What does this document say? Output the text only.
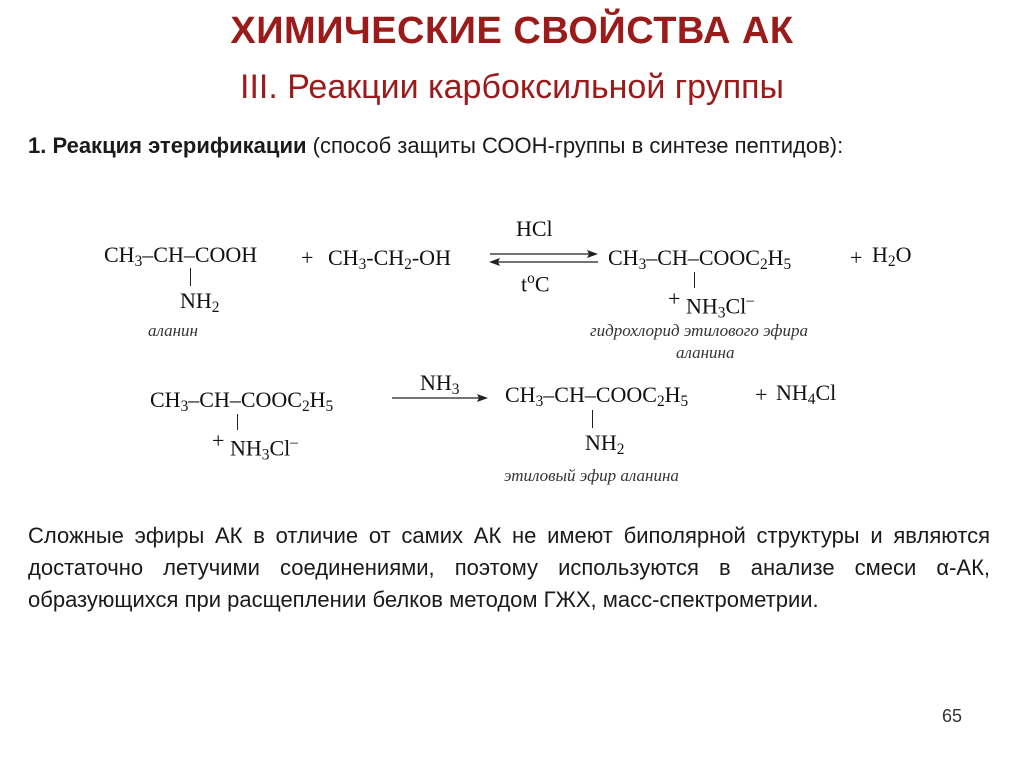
ХИМИЧЕСКИЕ СВОЙСТВА АК
III. Реакции карбоксильной группы
1. Реакция этерификации (способ защиты СООН-группы в синтезе пептидов):
$CH_3-CH$–COOH
$NH_2$
+ $CH_3-CH_2-OH$
HCl
$t^oC$
$CH_3-CH-COOC_2H_5$
+ $NH_3Cl^-$
+ $H_2O$
аланин	гидрохлорид этилового эфира
аланина
$CH_3-CH-COOC_2H_5$
+ $NH_3Cl^-$
$NH_3$ $CH_3-CH-COOC_2H_5$
$NH_2$
+ $NH_4Cl$
этиловый эфир аланина
Сложные эфиры АК в отличие от самих АК не имеют биполярной структуры и являются достаточно летучими соединениями, поэтому используются в анализе смеси α-АК, образующихся при расщеплении белков методом ГЖХ, масс-спектрометрии.
65
